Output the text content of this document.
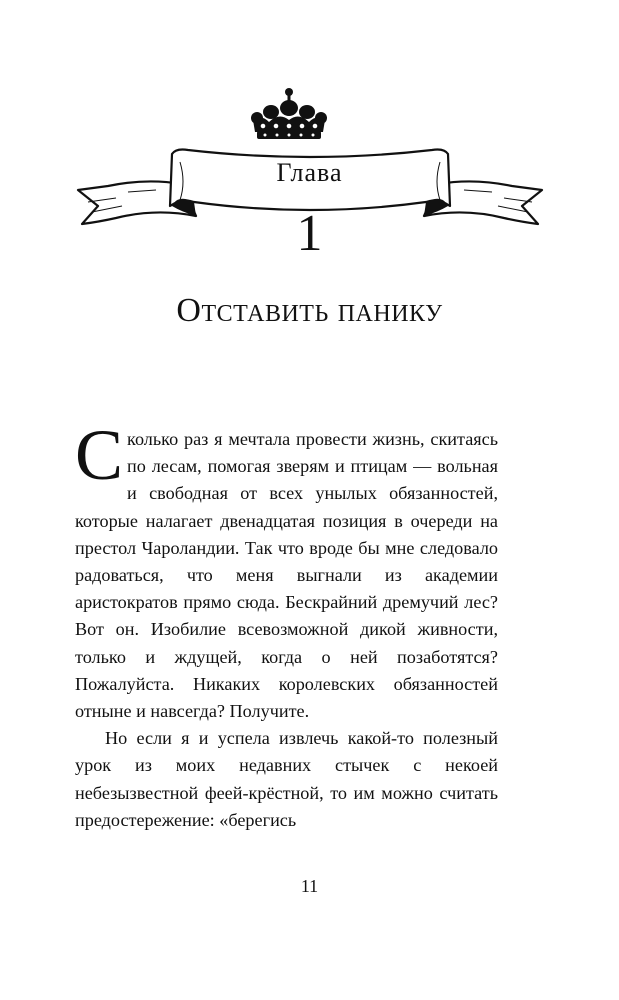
Глава
1
Отставить панику

Сколько раз я мечтала провести жизнь, скитаясь по лесам, помогая зверям и птицам — вольная и свободная от всех унылых обязанностей, которые налагает двенадцатая позиция в очереди на престол Чароландии. Так что вроде бы мне следовало радоваться, что меня выгнали из академии аристократов прямо сюда. Бескрайний дремучий лес? Вот он. Изобилие всевозможной дикой живности, только и ждущей, когда о ней позаботятся? Пожалуйста. Никаких королевских обязанностей отныне и навсегда? Получите.

Но если я и успела извлечь какой-то полезный урок из моих недавних стычек с некоей небезызвестной феей-крёстной, то им можно считать предостережение: «берегись

11
